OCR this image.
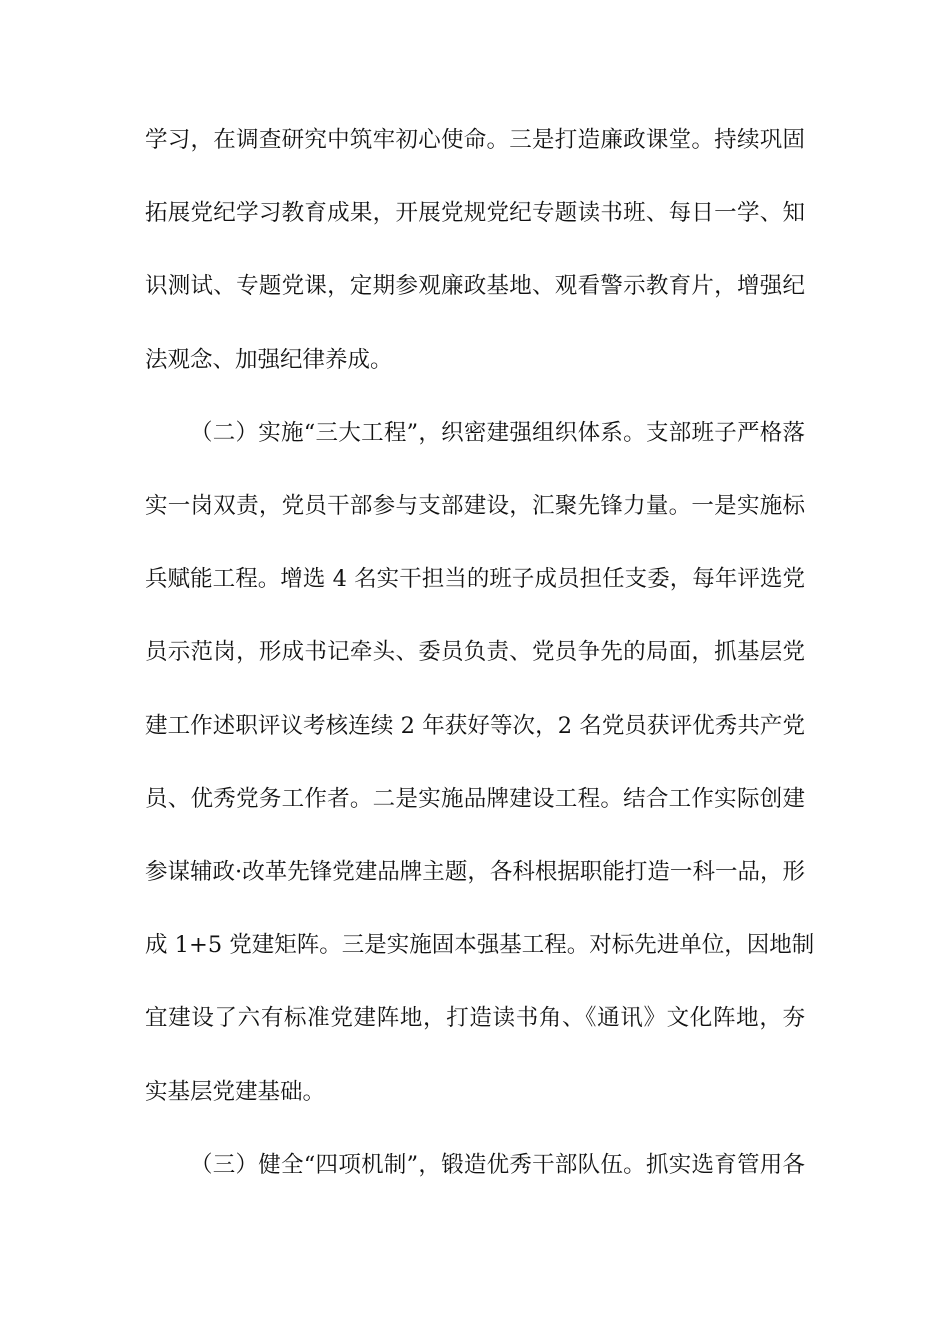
学习，在调查研究中筑牢初心使命。三是打造廉政课堂。持续巩固
拓展党纪学习教育成果，开展党规党纪专题读书班、每日一学、知
识测试、专题党课，定期参观廉政基地、观看警示教育片，增强纪
法观念、加强纪律养成。
（二）实施“三大工程”，织密建强组织体系。支部班子严格落
实一岗双责，党员干部参与支部建设，汇聚先锋力量。一是实施标
兵赋能工程。增选 4 名实干担当的班子成员担任支委，每年评选党
员示范岗，形成书记牵头、委员负责、党员争先的局面，抓基层党
建工作述职评议考核连续 2 年获好等次，2 名党员获评优秀共产党
员、优秀党务工作者。二是实施品牌建设工程。结合工作实际创建
参谋辅政·改革先锋党建品牌主题，各科根据职能打造一科一品，形
成 1+5 党建矩阵。三是实施固本强基工程。对标先进单位，因地制
宜建设了六有标准党建阵地，打造读书角、《通讯》文化阵地，夯
实基层党建基础。
（三）健全“四项机制”，锻造优秀干部队伍。抓实选育管用各
